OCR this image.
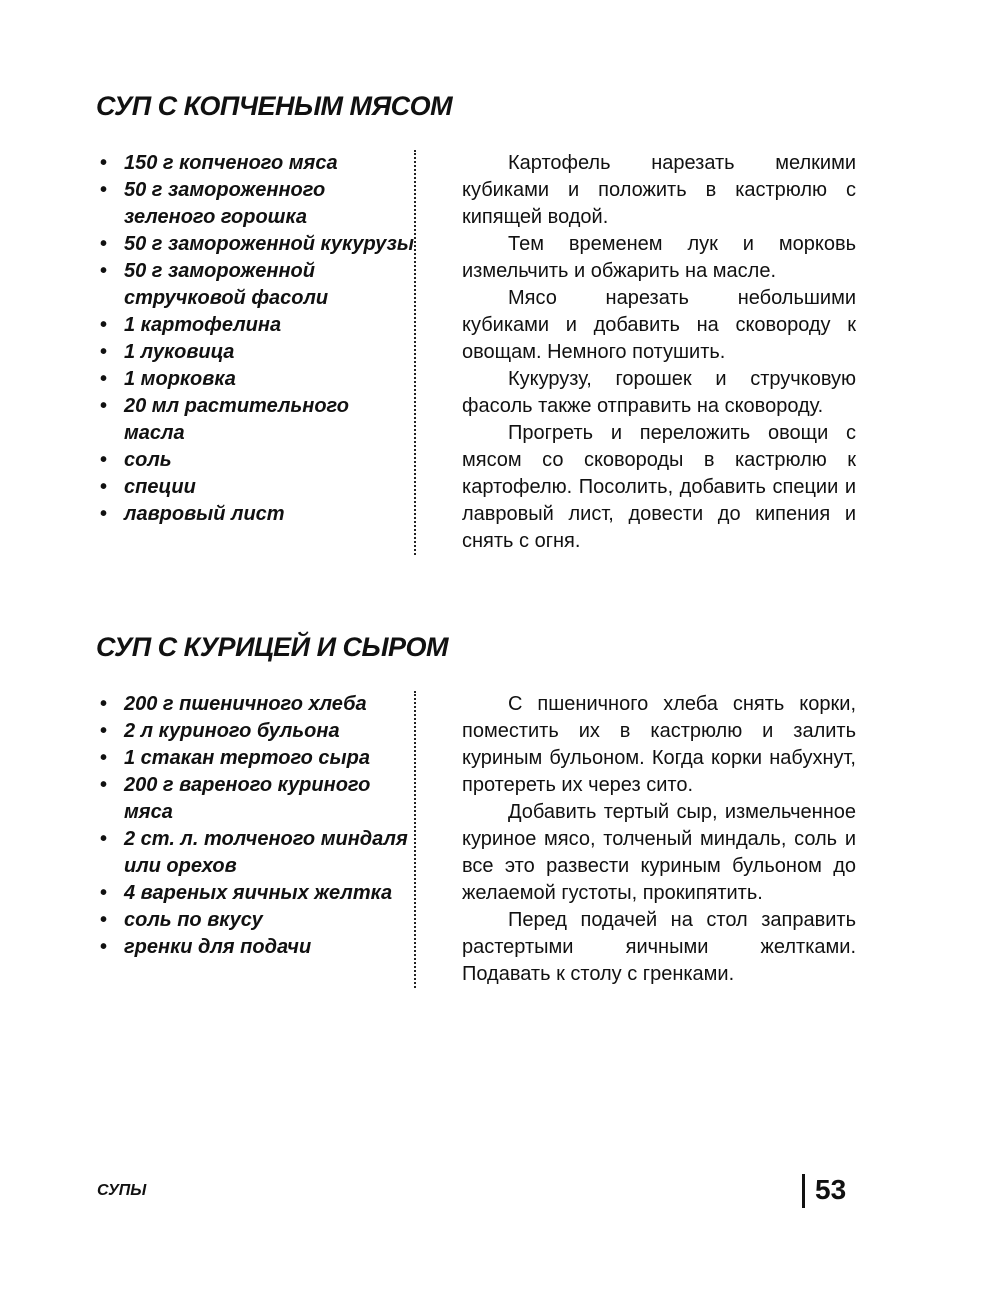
СУП С КОПЧЕНЫМ МЯСОМ
• 150 г копченого мяса
• 50 г замороженного зеленого горошка
• 50 г замороженной кукурузы
• 50 г замороженной стручковой фасоли
• 1 картофелина
• 1 луковица
• 1 морковка
• 20 мл растительного масла
• соль
• специи
• лавровый лист

Картофель нарезать мелкими кубиками и положить в кастрюлю с кипящей водой.

Тем временем лук и морковь измельчить и обжарить на масле.

Мясо нарезать небольшими кубиками и добавить на сковороду к овощам. Немного потушить.

Кукурузу, горошек и стручковую фасоль также отправить на сковороду.

Прогреть и переложить овощи с мясом со сковороды в кастрюлю к картофелю. Посолить, добавить специи и лавровый лист, довести до кипения и снять с огня.

СУП С КУРИЦЕЙ И СЫРОМ
• 200 г пшеничного хлеба
• 2 л куриного бульона
• 1 стакан тертого сыра
• 200 г вареного куриного мяса
• 2 ст. л. толченого миндаля или орехов
• 4 вареных яичных желтка
• соль по вкусу
• гренки для подачи

С пшеничного хлеба снять корки, поместить их в кастрюлю и залить куриным бульоном. Когда корки набухнут, протереть их через сито.

Добавить тертый сыр, измельченное куриное мясо, толченый миндаль, соль и все это развести куриным бульоном до желаемой густоты, прокипятить.

Перед подачей на стол заправить растертыми яичными желтками. Подавать к столу с гренками.

СУПЫ	53
